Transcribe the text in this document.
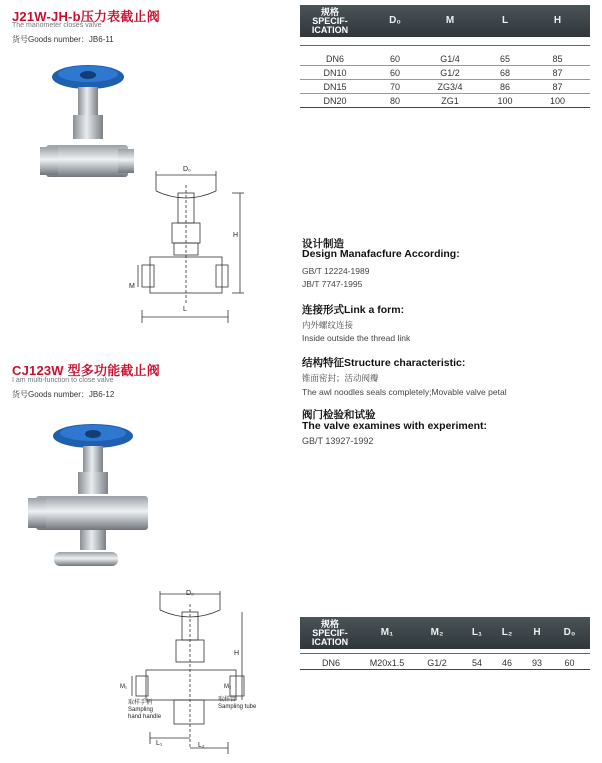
J21W-JH-b压力表截止阀
The manometer closes valve
货号Goods number：JB6-11
D₀
H
M
L
规格
SPECIF-
ICATION
D₀	M	L	H
DN6	60	G1/4	65	85
DN10	60	G1/2	68	87
DN15	70	ZG3/4	86	87
DN20	80	ZG1	100	100
设计制造
Design Manafacfure According:
GB/T 12224-1989
JB/T 7747-1995
连接形式Link a form:
内外螺纹连接
Inside outside the thread link
结构特征Structure characteristic:
锥面密封；活动阀瓣
The awl noodles seals completely;Movable valve petal
阀门检验和试验
The valve examines with experiment:
GB/T 13927-1992
CJ123W 型多功能截止阀
I am multi-function to close valve
货号Goods number：JB6-12
D₀
H
M₁	M₂
取样手柄
Sampling
hand handle
取样管
Sampling tube
L₁	L₂
规格
SPECIF-
ICATION
M₁	M₂	L₁	L₂	H	D₀
DN6	M20x1.5	G1/2	54	46	93	60
